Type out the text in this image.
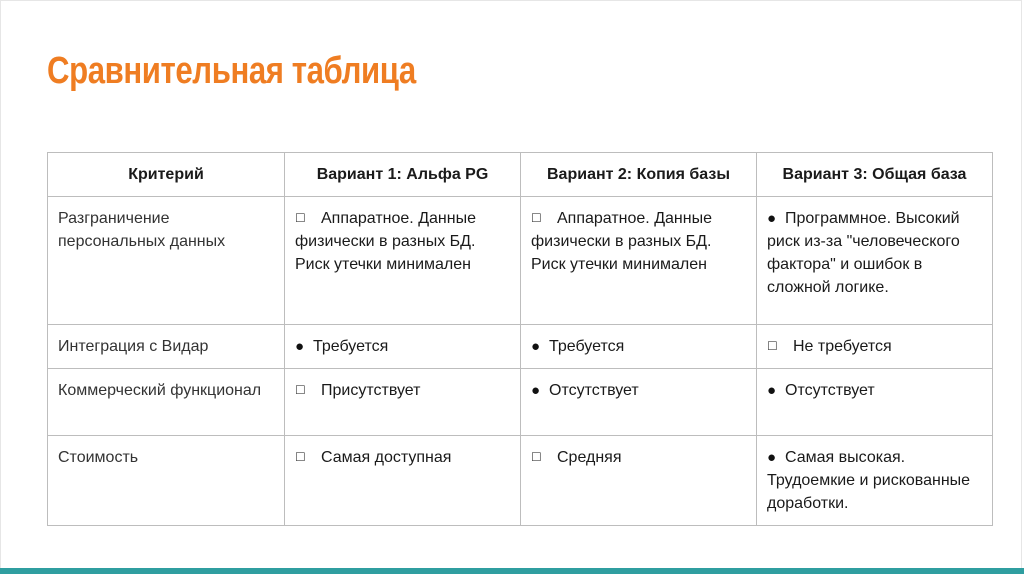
Сравнительная таблица
Критерий	Вариант 1: Альфа PG	Вариант 2: Копия базы	Вариант 3: Общая база
Разграничение персональных данных	☐ Аппаратное. Данные физически в разных БД. Риск утечки минимален	☐ Аппаратное. Данные физически в разных БД. Риск утечки минимален	● Программное. Высокий риск из-за "человеческого фактора" и ошибок в сложной логике.
Интеграция с Видар	● Требуется	● Требуется	☐ Не требуется
Коммерческий функционал	☐ Присутствует	● Отсутствует	● Отсутствует
Стоимость	☐ Самая доступная	☐ Средняя	● Самая высокая. Трудоемкие и рискованные доработки.
